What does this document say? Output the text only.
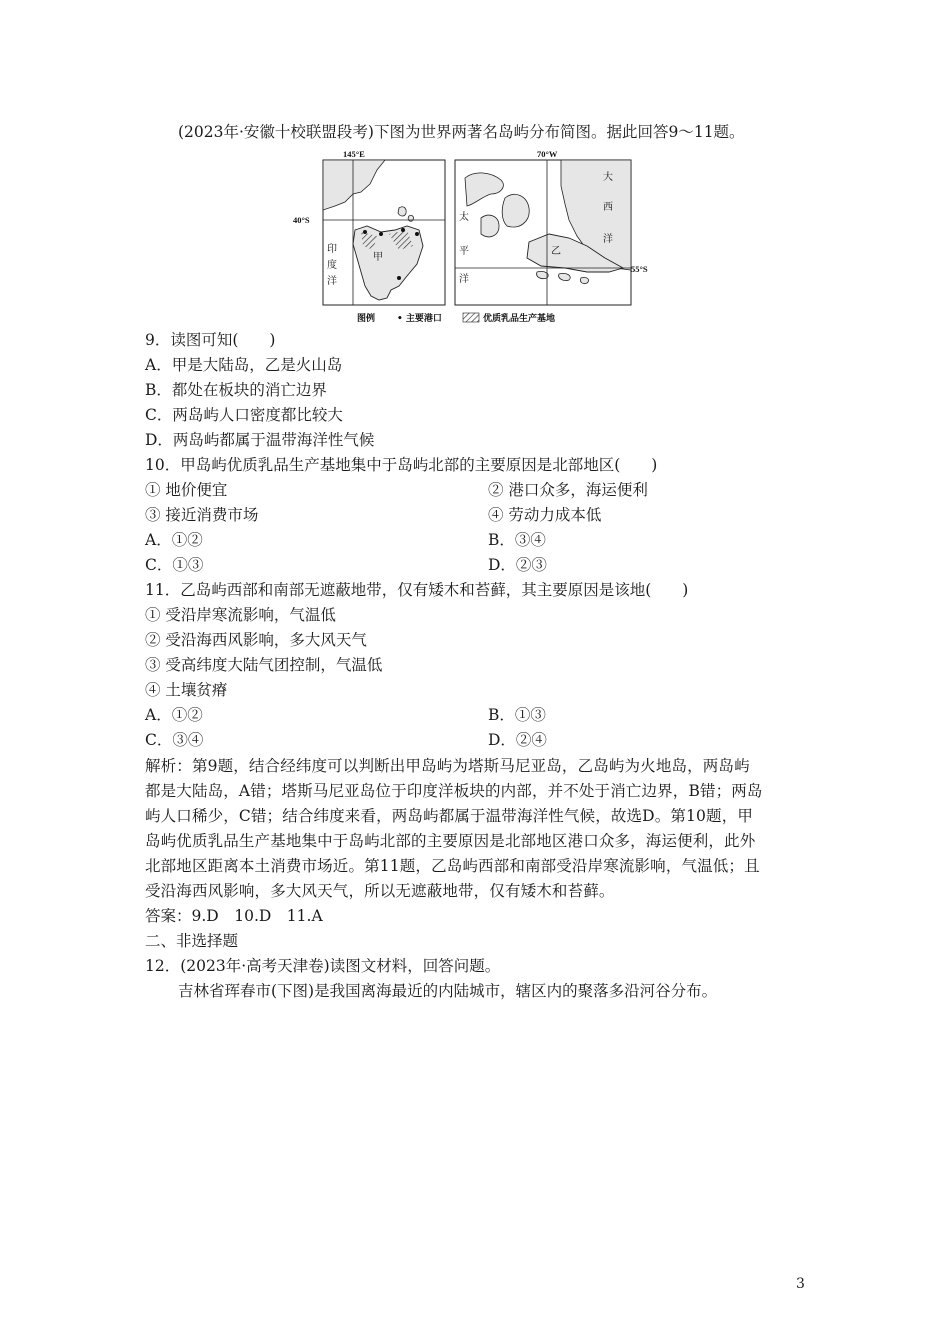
(2023年·安徽十校联盟段考)下图为世界两著名岛屿分布简图。据此回答9～11题。
145°E
40°S
印
度
洋
甲
70°W
55°S
太
平
洋
大
西
洋
乙
图例 • 主要港口	优质乳品生产基地
9．读图可知(　　)
A．甲是大陆岛，乙是火山岛
B．都处在板块的消亡边界
C．两岛屿人口密度都比较大
D．两岛屿都属于温带海洋性气候
10．甲岛屿优质乳品生产基地集中于岛屿北部的主要原因是北部地区(　　)
① 地价便宜	② 港口众多，海运便利
③ 接近消费市场	④ 劳动力成本低
A．①②	B．③④
C．①③	D．②③
11．乙岛屿西部和南部无遮蔽地带，仅有矮木和苔藓，其主要原因是该地(　　)
① 受沿岸寒流影响，气温低
② 受沿海西风影响，多大风天气
③ 受高纬度大陆气团控制，气温低
④ 土壤贫瘠
A．①②	B．①③
C．③④	D．②④
解析：第9题，结合经纬度可以判断出甲岛屿为塔斯马尼亚岛，乙岛屿为火地岛，两岛屿
都是大陆岛，A错；塔斯马尼亚岛位于印度洋板块的内部，并不处于消亡边界，B错；两岛
屿人口稀少，C错；结合纬度来看，两岛屿都属于温带海洋性气候，故选D。第10题，甲
岛屿优质乳品生产基地集中于岛屿北部的主要原因是北部地区港口众多，海运便利，此外
北部地区距离本土消费市场近。第11题，乙岛屿西部和南部受沿岸寒流影响，气温低；且
受沿海西风影响，多大风天气，所以无遮蔽地带，仅有矮木和苔藓。
答案：9.D　10.D　11.A
二、非选择题
12．(2023年·高考天津卷)读图文材料，回答问题。
吉林省珲春市(下图)是我国离海最近的内陆城市，辖区内的聚落多沿河谷分布。
3
